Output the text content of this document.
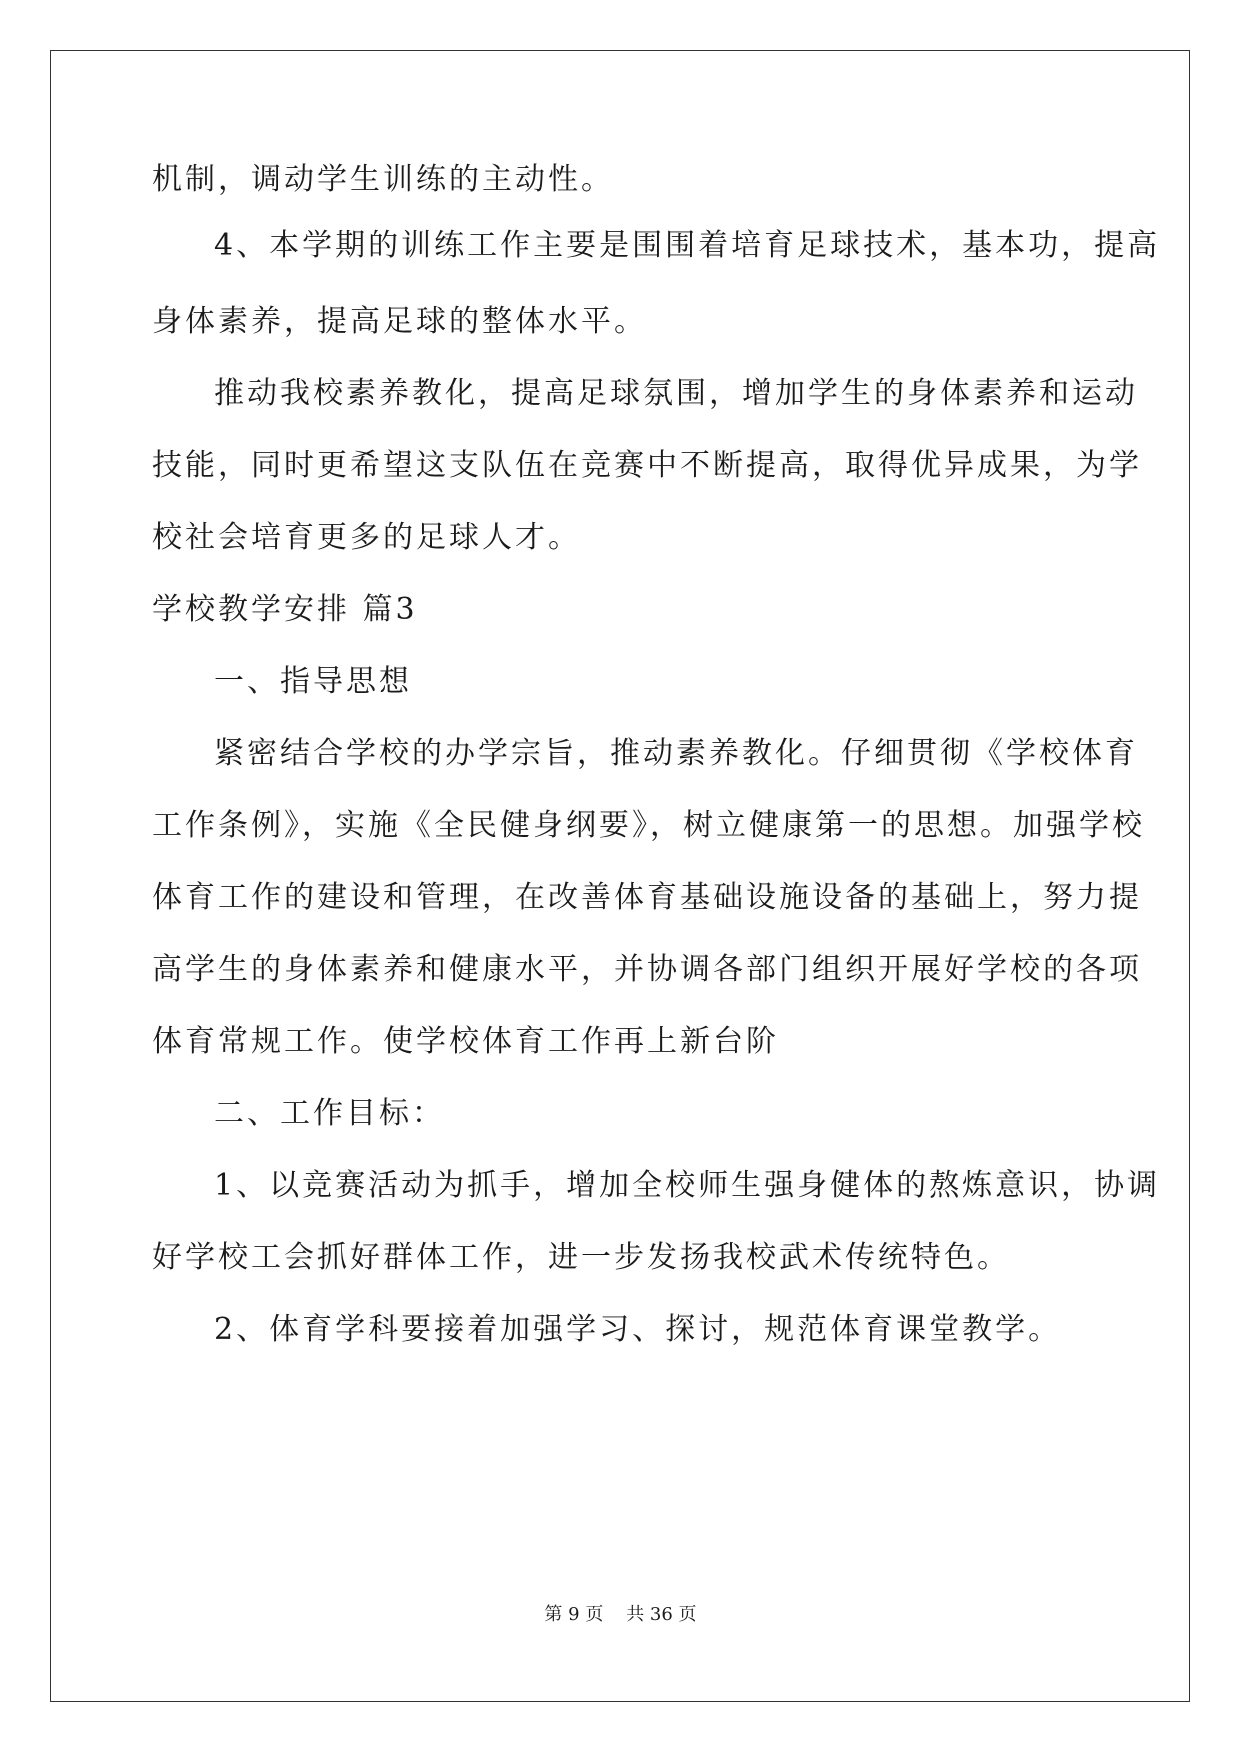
机制，调动学生训练的主动性。

4、本学期的训练工作主要是围围着培育足球技术，基本功，提高

身体素养，提高足球的整体水平。

推动我校素养教化，提高足球氛围，增加学生的身体素养和运动

技能，同时更希望这支队伍在竞赛中不断提高，取得优异成果，为学

校社会培育更多的足球人才。

学校教学安排 篇3

一、指导思想

紧密结合学校的办学宗旨，推动素养教化。仔细贯彻《学校体育

工作条例》，实施《全民健身纲要》，树立健康第一的思想。加强学校

体育工作的建设和管理，在改善体育基础设施设备的基础上，努力提

高学生的身体素养和健康水平，并协调各部门组织开展好学校的各项

体育常规工作。使学校体育工作再上新台阶

二、工作目标：

1、以竞赛活动为抓手，增加全校师生强身健体的熬炼意识，协调

好学校工会抓好群体工作，进一步发扬我校武术传统特色。

2、体育学科要接着加强学习、探讨，规范体育课堂教学。

第 9 页    共 36 页
